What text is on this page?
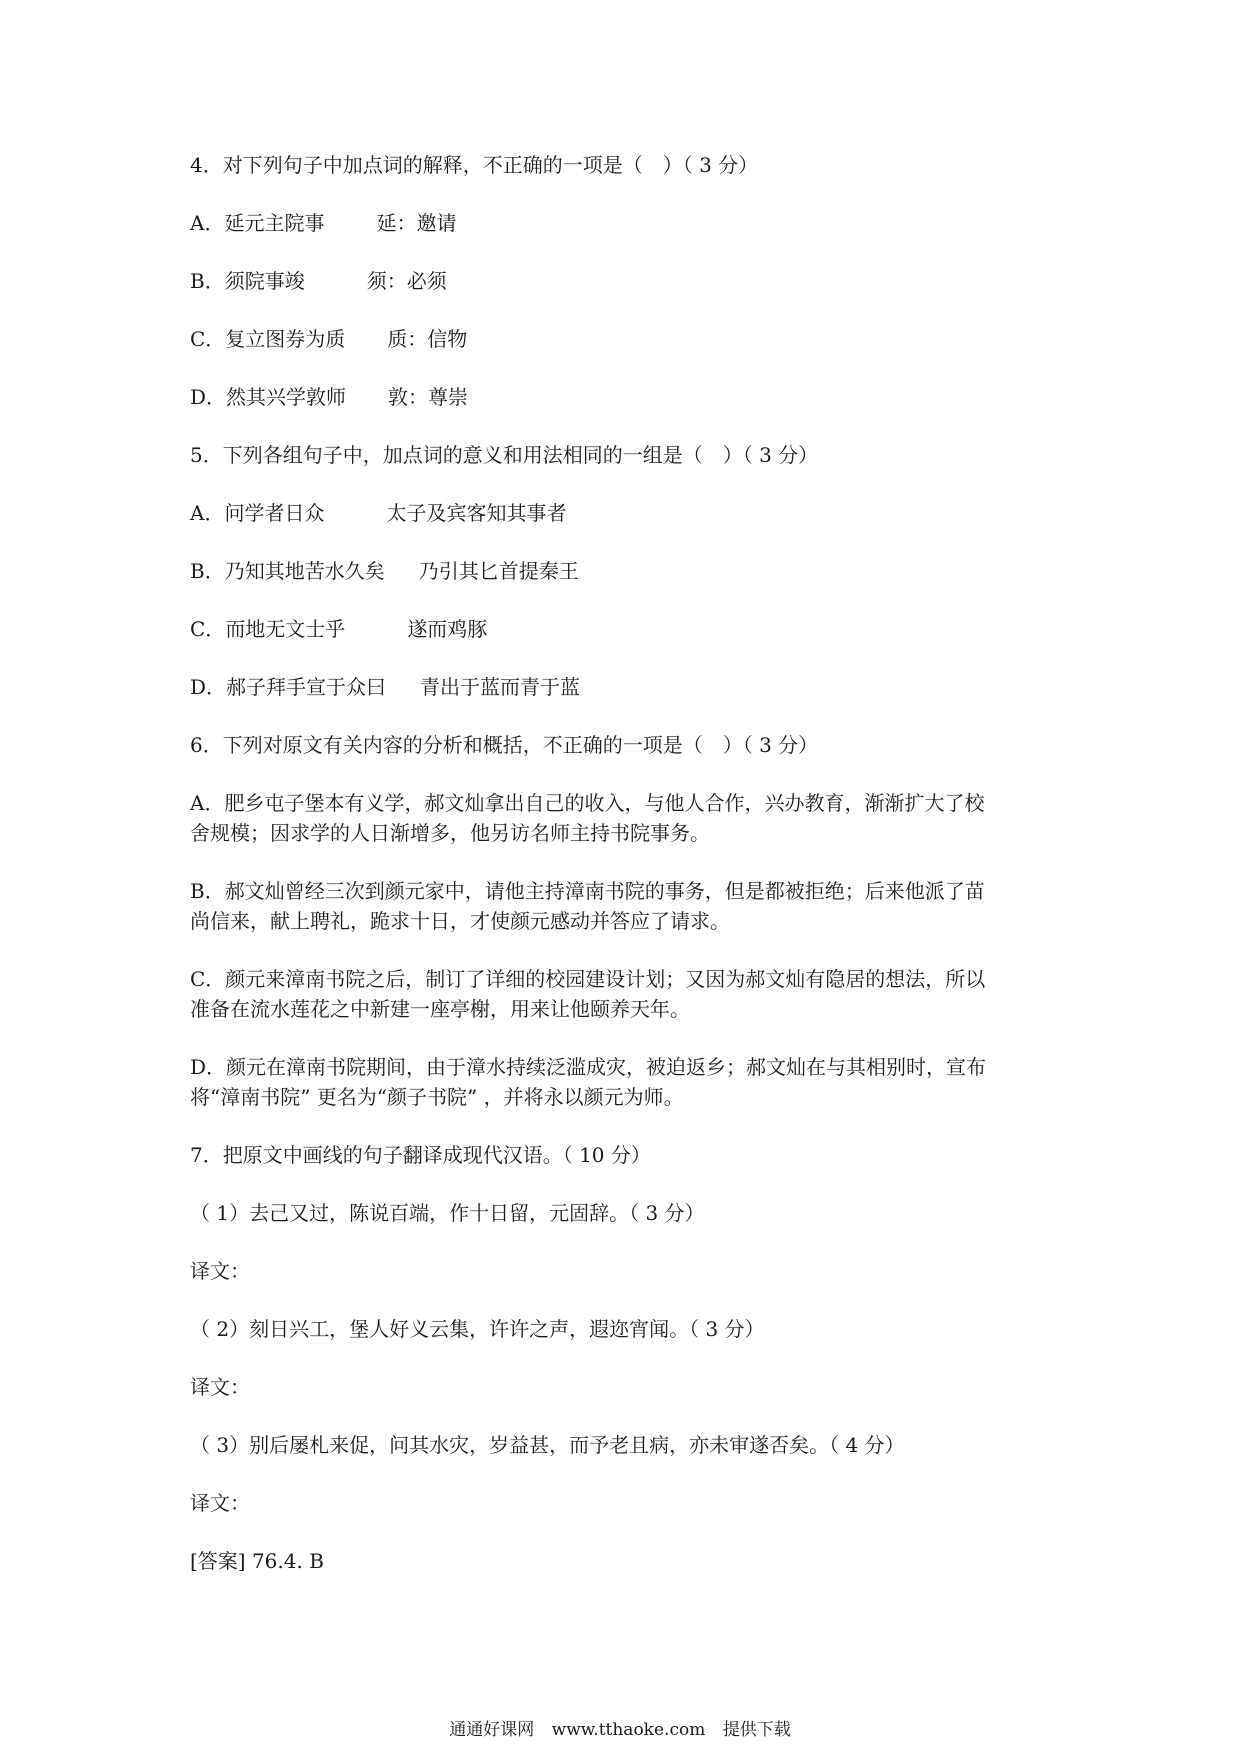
4．对下列句子中加点词的解释，不正确的一项是（　）（ 3 分）
A．延元主院事	延：邀请
B．须院事竣	须：必须
C．复立图券为质 质：信物
D．然其兴学敦师 敦：尊崇
5．下列各组句子中，加点词的意义和用法相同的一组是（　）（ 3 分）
A．问学者日众	太子及宾客知其事者
B．乃知其地苦水久矣 乃引其匕首提秦王
C．而地无文士乎	遂而鸡豚
D．郝子拜手宣于众曰 青出于蓝而青于蓝
6．下列对原文有关内容的分析和概括，不正确的一项是（　）（ 3 分）
A．肥乡屯子堡本有义学，郝文灿拿出自己的收入，与他人合作，兴办教育，渐渐扩大了校
舍规模；因求学的人日渐增多，他另访名师主持书院事务。
B．郝文灿曾经三次到颜元家中，请他主持漳南书院的事务，但是都被拒绝；后来他派了苗
尚信来，献上聘礼，跪求十日，才使颜元感动并答应了请求。
C．颜元来漳南书院之后，制订了详细的校园建设计划；又因为郝文灿有隐居的想法，所以
准备在流水莲花之中新建一座亭榭，用来让他颐养天年。
D．颜元在漳南书院期间，由于漳水持续泛滥成灾，被迫返乡；郝文灿在与其相别时，宣布
将“漳南书院” 更名为“颜子书院” ，并将永以颜元为师。
7．把原文中画线的句子翻译成现代汉语。（ 10 分）
（ 1）去己又过，陈说百端，作十日留，元固辞。（ 3 分）
译文：
（ 2）刻日兴工，堡人好义云集，许许之声，遐迩宵闻。（ 3 分）
译文：
（ 3）别后屡札来促，问其水灾，岁益甚，而予老且病，亦未审遂否矣。（ 4 分）
译文：
[答案] 76.4. B
通通好课网 www.tthaoke.com 提供下载
